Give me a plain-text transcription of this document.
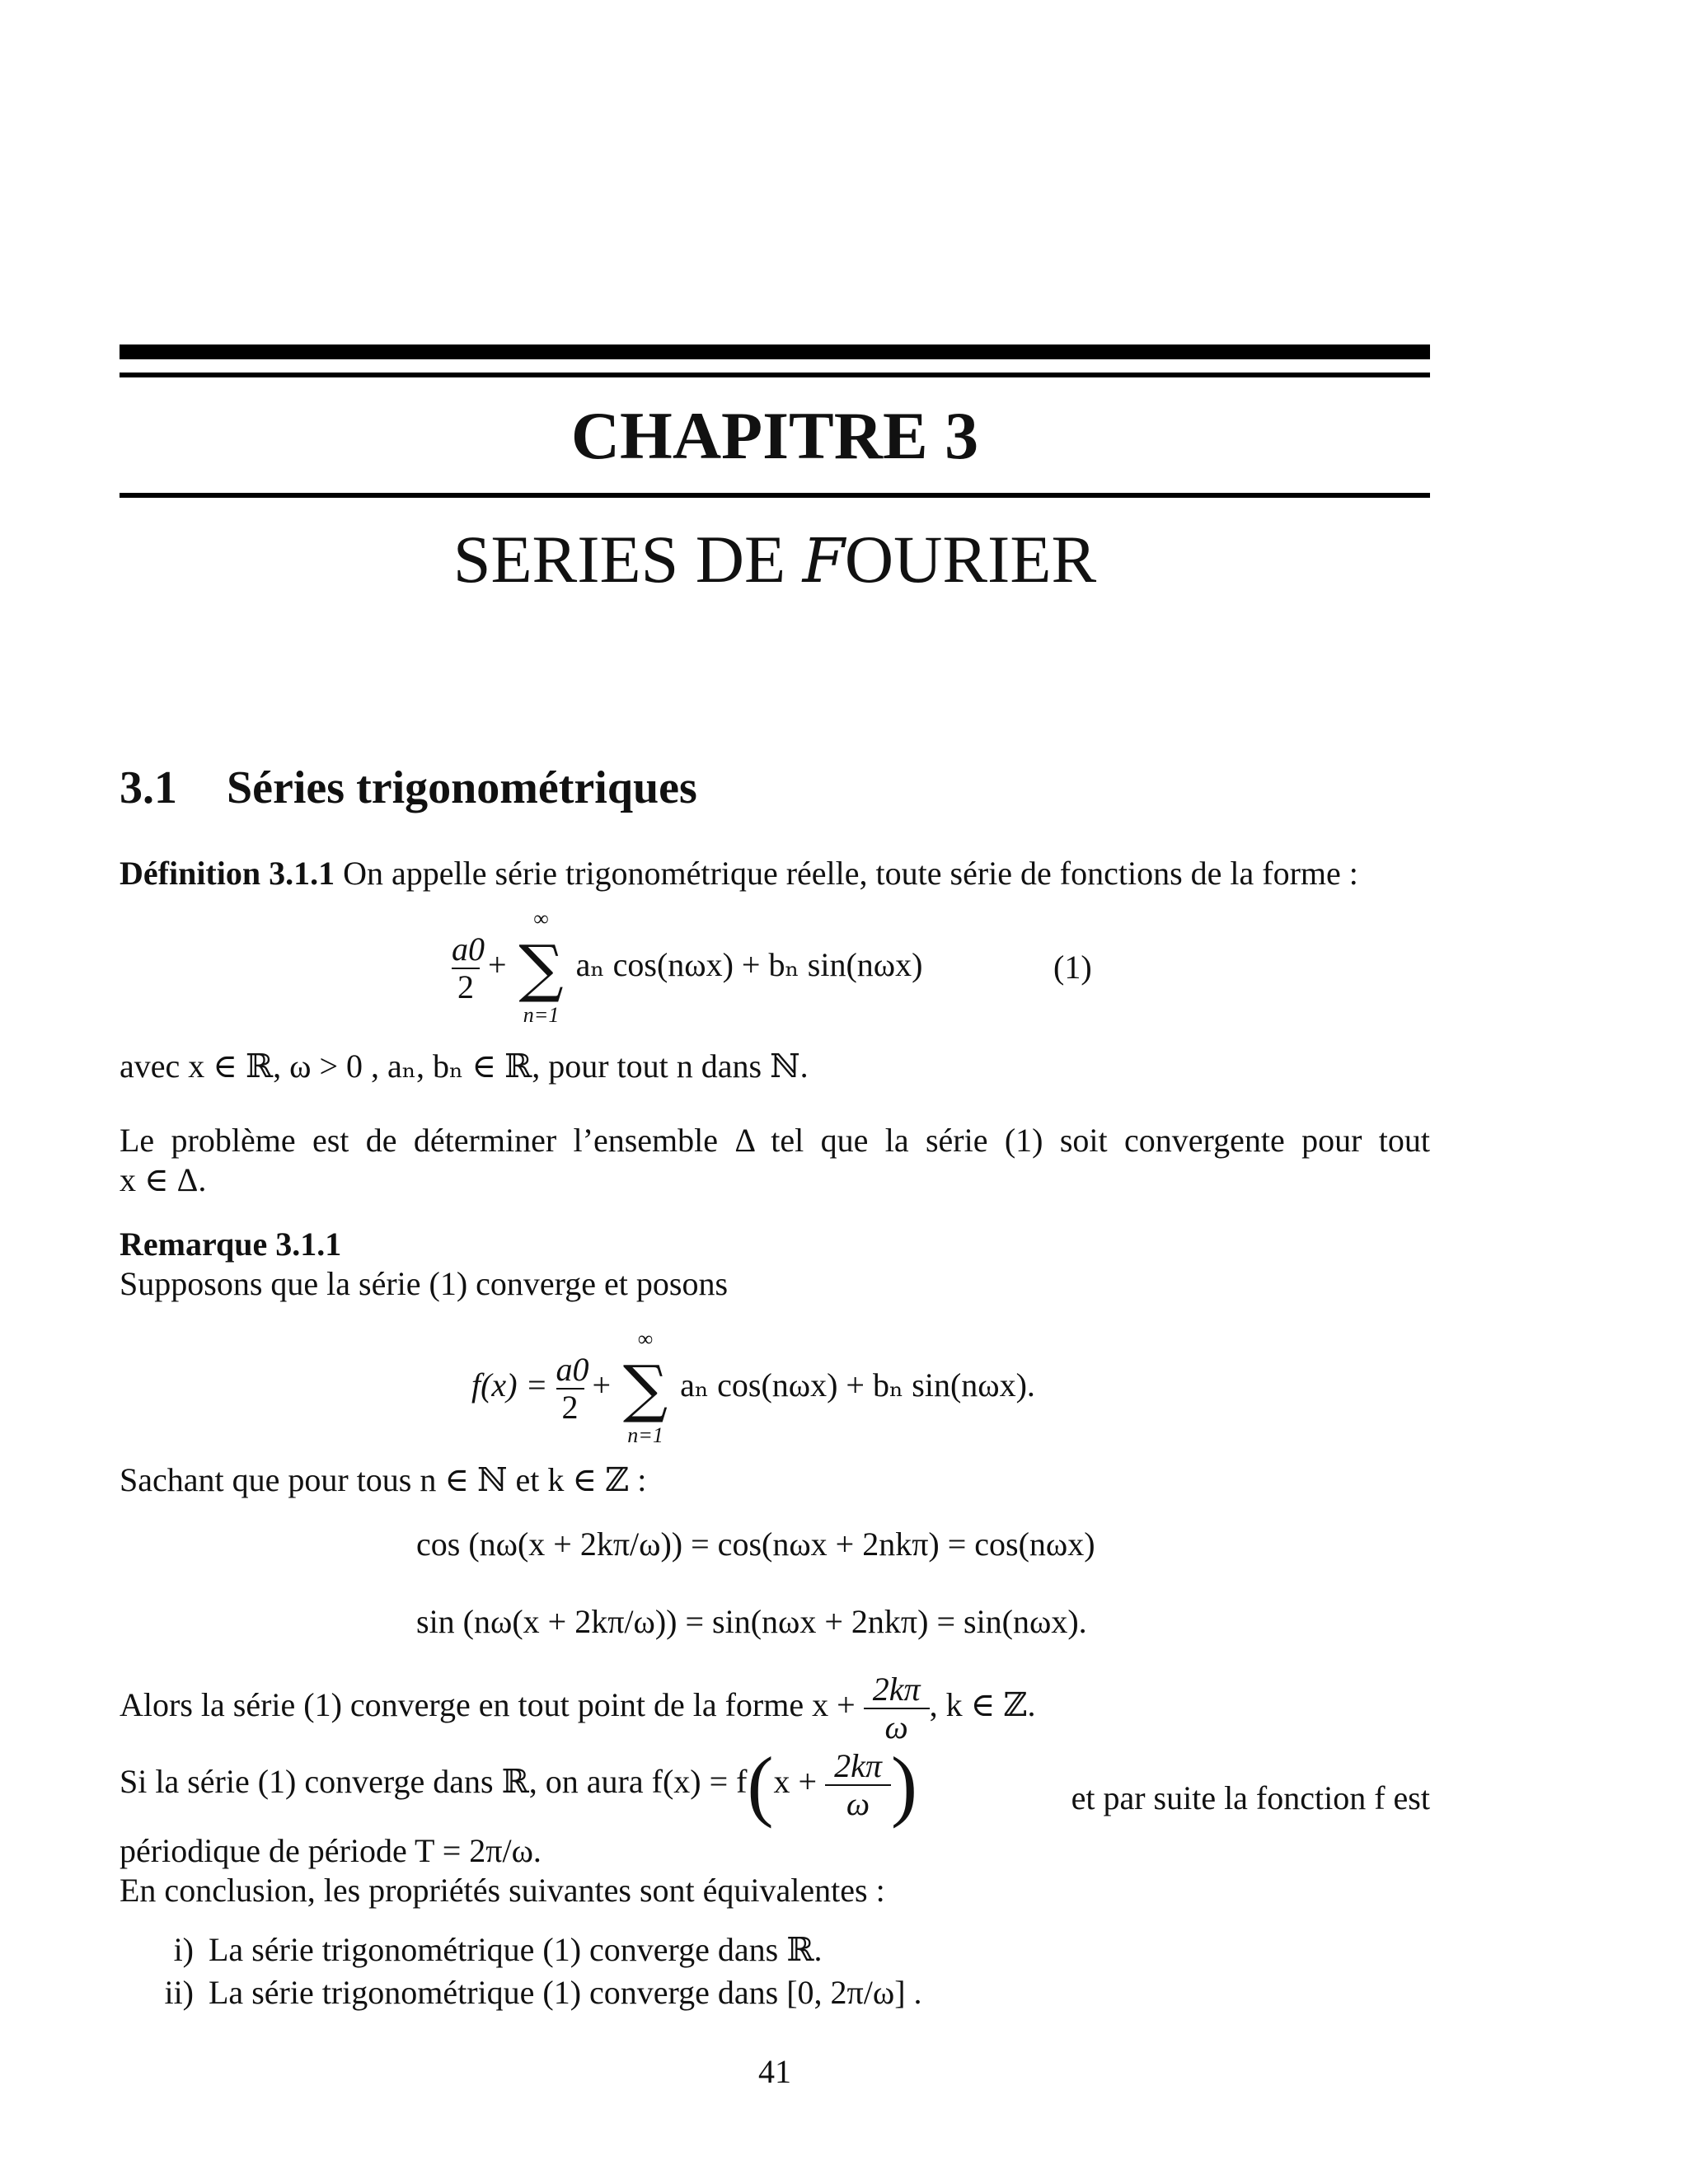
CHAPITRE 3
SERIES DE FOURIER
3.1 Séries trigonométriques
Définition 3.1.1 On appelle série trigonométrique réelle, toute série de fonctions de la forme :
$\frac{a0}{2}$ +
∞
∑
n=1
aₙ cos(nωx) + bₙ sin(nωx)	(1)
avec x ∈ ℝ, ω > 0 , aₙ, bₙ ∈ ℝ, pour tout n dans ℕ.
Le problème est de déterminer l’ensemble Δ tel que la série (1) soit convergente pour tout
x ∈ Δ.
Remarque 3.1.1
Supposons que la série (1) converge et posons
$f(x) = \frac{a0}{2}$ +
∞
∑
n=1
aₙ cos(nωx) + bₙ sin(nωx).
Sachant que pour tous n ∈ ℕ et k ∈ ℤ :
cos (nω(x + 2kπ/ω)) = cos(nωx + 2nkπ) = cos(nωx)
sin (nω(x + 2kπ/ω)) = sin(nωx + 2nkπ) = sin(nωx).
Alors la série (1) converge en tout point de la forme $x + \frac{2k\pi}{\omega}$ , k ∈ ℤ.
Si la série (1) converge dans ℝ, on aura $f(x) = f(x + \frac{2k\pi}{\omega}$ )	et par suite la fonction f est
périodique de période T = 2π/ω.
En conclusion, les propriétés suivantes sont équivalentes :
i) La série trigonométrique (1) converge dans ℝ.
ii) La série trigonométrique (1) converge dans [0, 2π/ω] .
41
